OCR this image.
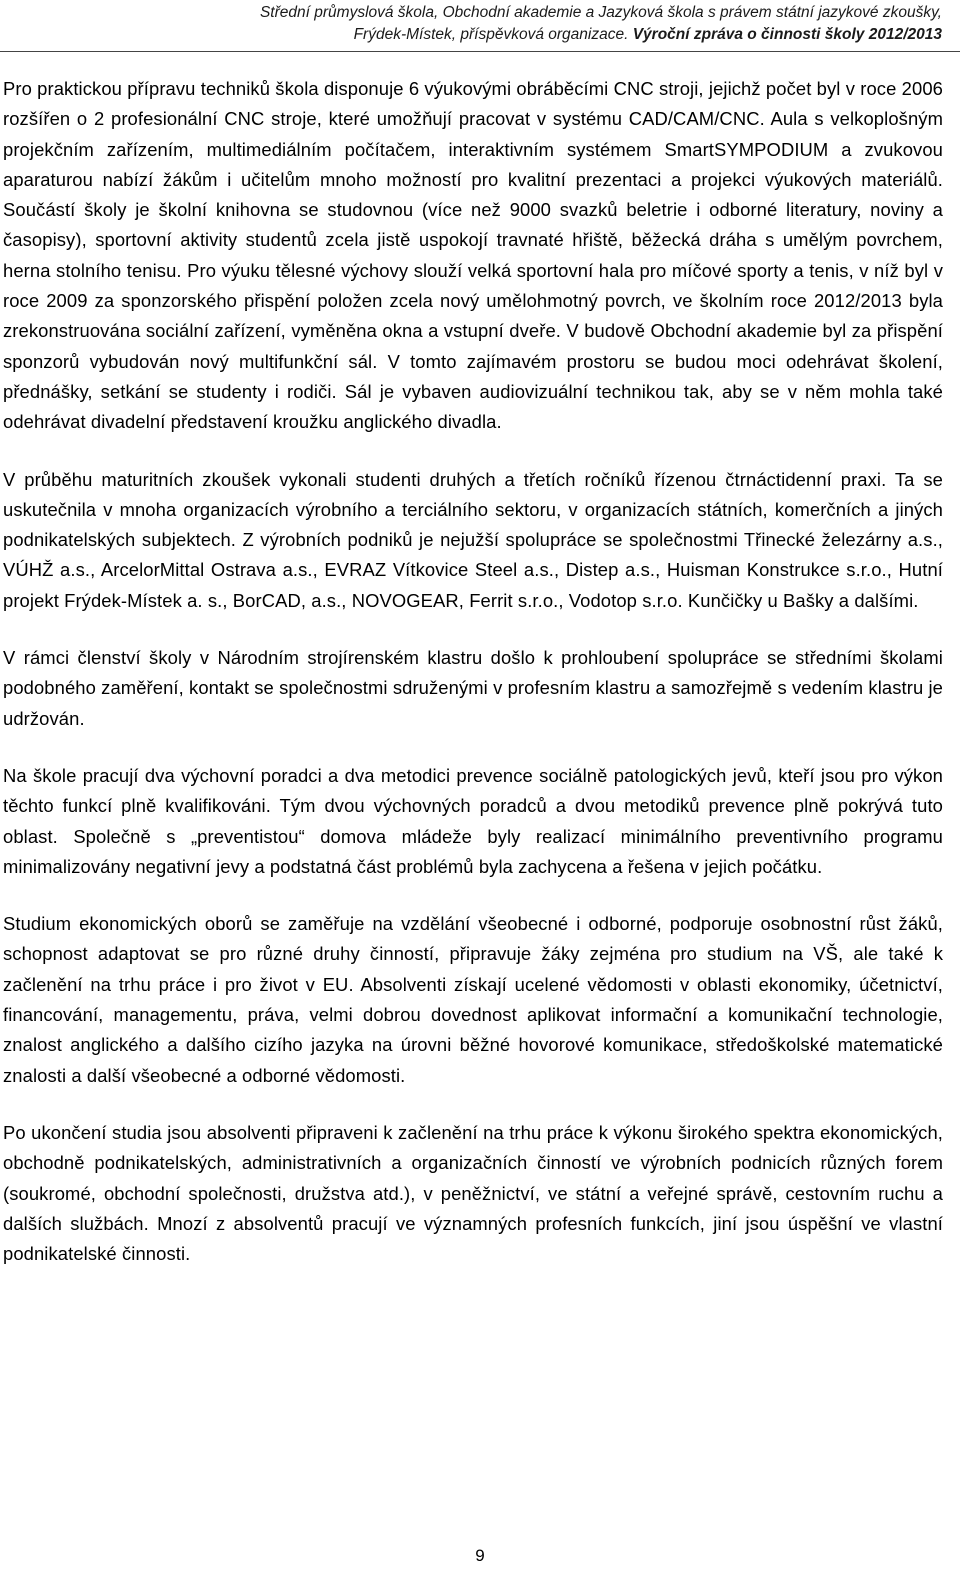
Střední průmyslová škola, Obchodní akademie a Jazyková škola s právem státní jazykové zkoušky,
Frýdek-Místek, příspěvková organizace. Výroční zpráva o činnosti školy 2012/2013

Pro praktickou přípravu techniků škola disponuje 6 výukovými obráběcími CNC stroji, jejichž počet byl v roce 2006 rozšířen o 2 profesionální CNC stroje, které umožňují pracovat v systému CAD/CAM/CNC. Aula s velkoplošným projekčním zařízením, multimediálním počítačem, interaktivním systémem SmartSYMPODIUM a zvukovou aparaturou nabízí žákům i učitelům mnoho možností pro kvalitní prezentaci a projekci výukových materiálů. Součástí školy je školní knihovna se studovnou (více než 9000 svazků beletrie i odborné literatury, noviny a časopisy), sportovní aktivity studentů zcela jistě uspokojí travnaté hřiště, běžecká dráha s umělým povrchem, herna stolního tenisu. Pro výuku tělesné výchovy slouží velká sportovní hala pro míčové sporty a tenis, v níž byl v roce 2009 za sponzorského přispění položen zcela nový umělohmotný povrch, ve školním roce 2012/2013 byla zrekonstruována sociální zařízení, vyměněna okna a vstupní dveře. V budově Obchodní akademie byl za přispění sponzorů vybudován nový multifunkční sál. V tomto zajímavém prostoru se budou moci odehrávat školení, přednášky, setkání se studenty i rodiči. Sál je vybaven audiovizuální technikou tak, aby se v něm mohla také odehrávat divadelní představení kroužku anglického divadla.

V průběhu maturitních zkoušek vykonali studenti druhých a třetích ročníků řízenou čtrnáctidenní praxi. Ta se uskutečnila v mnoha organizacích výrobního a terciálního sektoru, v organizacích státních, komerčních a jiných podnikatelských subjektech. Z výrobních podniků je nejužší spolupráce se společnostmi Třinecké železárny a.s., VÚHŽ a.s., ArcelorMittal Ostrava a.s., EVRAZ Vítkovice Steel a.s., Distep a.s., Huisman Konstrukce s.r.o., Hutní projekt Frýdek-Místek a. s., BorCAD, a.s., NOVOGEAR, Ferrit s.r.o., Vodotop s.r.o. Kunčičky u Bašky a dalšími.

V rámci členství školy v Národním strojírenském klastru došlo k prohloubení spolupráce se středními školami podobného zaměření, kontakt se společnostmi sdruženými v profesním klastru a samozřejmě s vedením klastru je udržován.

Na škole pracují dva výchovní poradci a dva metodici prevence sociálně patologických jevů, kteří jsou pro výkon těchto funkcí plně kvalifikováni. Tým dvou výchovných poradců a dvou metodiků prevence plně pokrývá tuto oblast. Společně s „preventistou“ domova mládeže byly realizací minimálního preventivního programu minimalizovány negativní jevy a podstatná část problémů byla zachycena a řešena v jejich počátku.

Studium ekonomických oborů se zaměřuje na vzdělání všeobecné i odborné, podporuje osobnostní růst žáků, schopnost adaptovat se pro různé druhy činností, připravuje žáky zejména pro studium na VŠ, ale také k začlenění na trhu práce i pro život v EU. Absolventi získají ucelené vědomosti v oblasti ekonomiky, účetnictví, financování, managementu, práva, velmi dobrou dovednost aplikovat informační a komunikační technologie, znalost anglického a dalšího cizího jazyka na úrovni běžné hovorové komunikace, středoškolské matematické znalosti a další všeobecné a odborné vědomosti.

Po ukončení studia jsou absolventi připraveni k začlenění na trhu práce k výkonu širokého spektra ekonomických, obchodně podnikatelských, administrativních a organizačních činností ve výrobních podnicích různých forem (soukromé, obchodní společnosti, družstva atd.), v peněžnictví, ve státní a veřejné správě, cestovním ruchu a dalších službách. Mnozí z absolventů pracují ve významných profesních funkcích, jiní jsou úspěšní ve vlastní podnikatelské činnosti.

9
